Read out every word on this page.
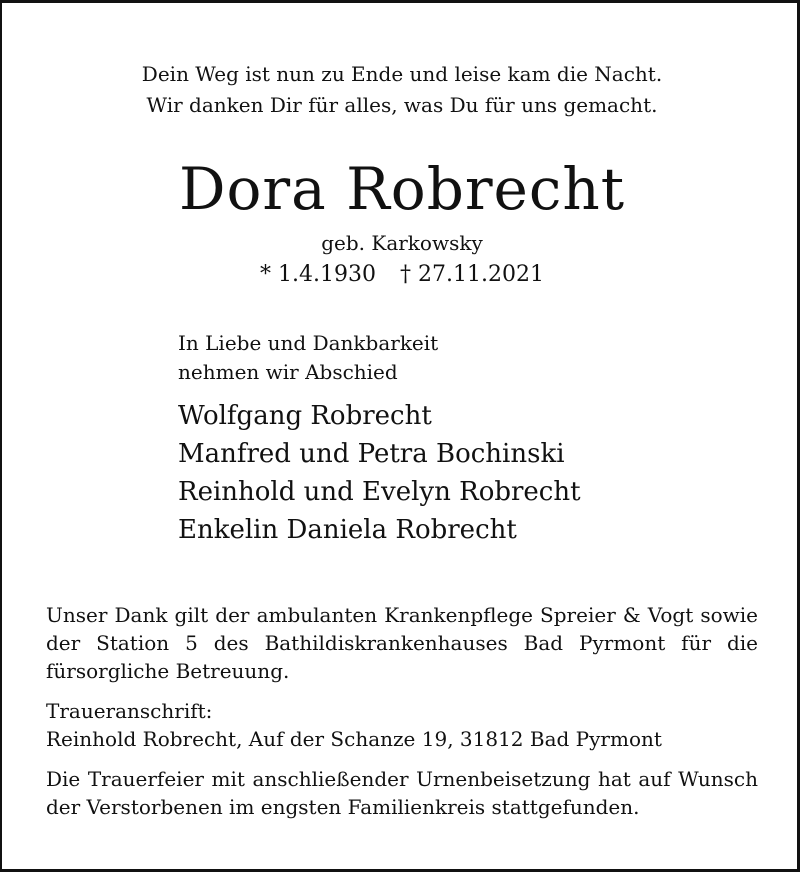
Dein Weg ist nun zu Ende und leise kam die Nacht.
Wir danken Dir für alles, was Du für uns gemacht.
Dora Robrecht
geb. Karkowsky
* 1.4.1930 † 27.11.2021
In Liebe und Dankbarkeit
nehmen wir Abschied
Wolfgang Robrecht
Manfred und Petra Bochinski
Reinhold und Evelyn Robrecht
Enkelin Daniela Robrecht

Unser Dank gilt der ambulanten Krankenpflege Spreier & Vogt sowie der Station 5 des Bathildiskrankenhauses Bad Pyrmont für die fürsorgliche Betreuung.

Traueranschrift:

Reinhold Robrecht, Auf der Schanze 19, 31812 Bad Pyrmont

Die Trauerfeier mit anschließender Urnenbeisetzung hat auf Wunsch der Verstorbenen im engsten Familienkreis stattgefunden.
